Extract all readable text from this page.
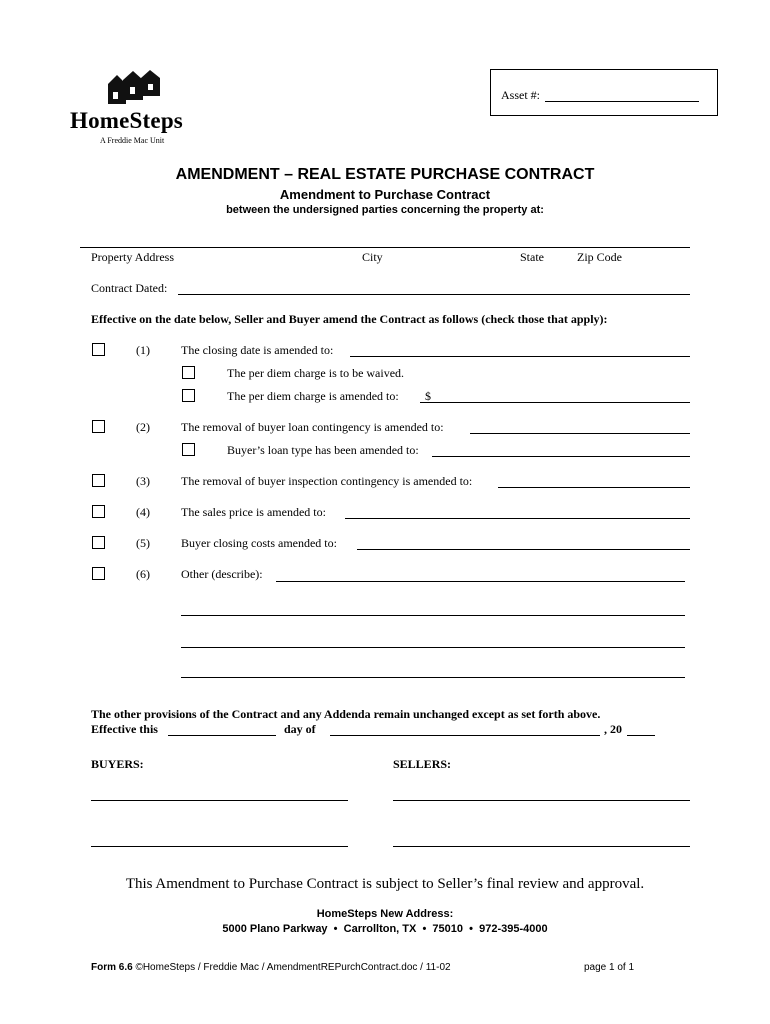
HomeSteps
A Freddie Mac Unit
Asset #:
AMENDMENT – REAL ESTATE PURCHASE CONTRACT
Amendment to Purchase Contract
between the undersigned parties concerning the property at:
Property Address	City	State	Zip Code
Contract Dated:
Effective on the date below, Seller and Buyer amend the Contract as follows (check those that apply):
(1)	The closing date is amended to:
The per diem charge is to be waived.
The per diem charge is amended to: $
(2)	The removal of buyer loan contingency is amended to:
Buyer’s loan type has been amended to:
(3)	The removal of buyer inspection contingency is amended to:
(4)	The sales price is amended to:
(5)	Buyer closing costs amended to:
(6)	Other (describe):
The other provisions of the Contract and any Addenda remain unchanged except as set forth above.
Effective this	day of	, 20
BUYERS:	SELLERS:
This Amendment to Purchase Contract is subject to Seller’s final review and approval.
HomeSteps New Address:
5000 Plano Parkway  •  Carrollton, TX  •  75010  •  972-395-4000
Form 6.6 ©HomeSteps / Freddie Mac / AmendmentREPurchContract.doc / 11-02	page 1 of 1
